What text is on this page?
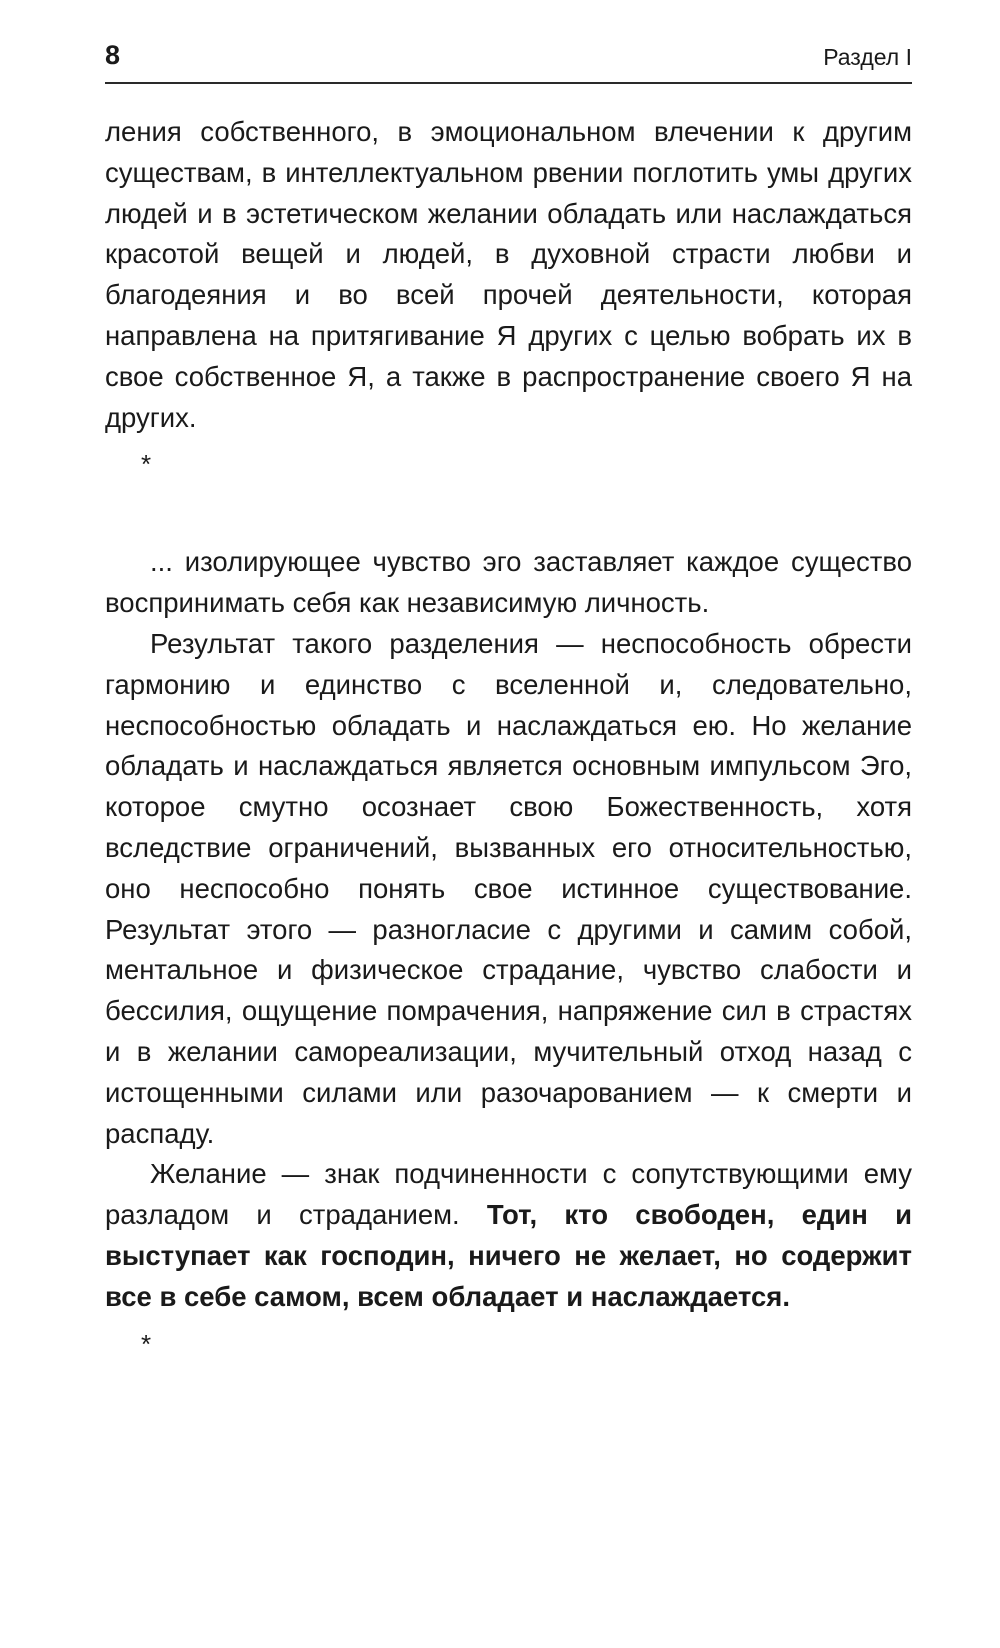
8	Раздел I

ления собственного, в эмоциональном влечении к другим существам, в интеллектуальном рвении поглотить умы других людей и в эстетическом желании обладать или наслаждаться красотой вещей и людей, в духовной страсти любви и благодеяния и во всей прочей деятельности, которая направлена на притягивание Я других с целью вобрать их в свое собственное Я, а также в распространение своего Я на других.

*

... изолирующее чувство эго заставляет каждое существо воспринимать себя как независимую личность.

Результат такого разделения — неспособность обрести гармонию и единство с вселенной и, следовательно, неспособностью обладать и наслаждаться ею. Но желание обладать и наслаждаться является основным импульсом Эго, которое смутно осознает свою Божественность, хотя вследствие ограничений, вызванных его относительностью, оно неспособно понять свое истинное существование. Результат этого — разногласие с другими и самим собой, ментальное и физическое страдание, чувство слабости и бессилия, ощущение помрачения, напряжение сил в страстях и в желании самореализации, мучительный отход назад с истощенными силами или разочарованием — к смерти и распаду.

Желание — знак подчиненности с сопутствующими ему разладом и страданием. Тот, кто свободен, един и выступает как господин, ничего не желает, но содержит все в себе самом, всем обладает и наслаждается.

*
